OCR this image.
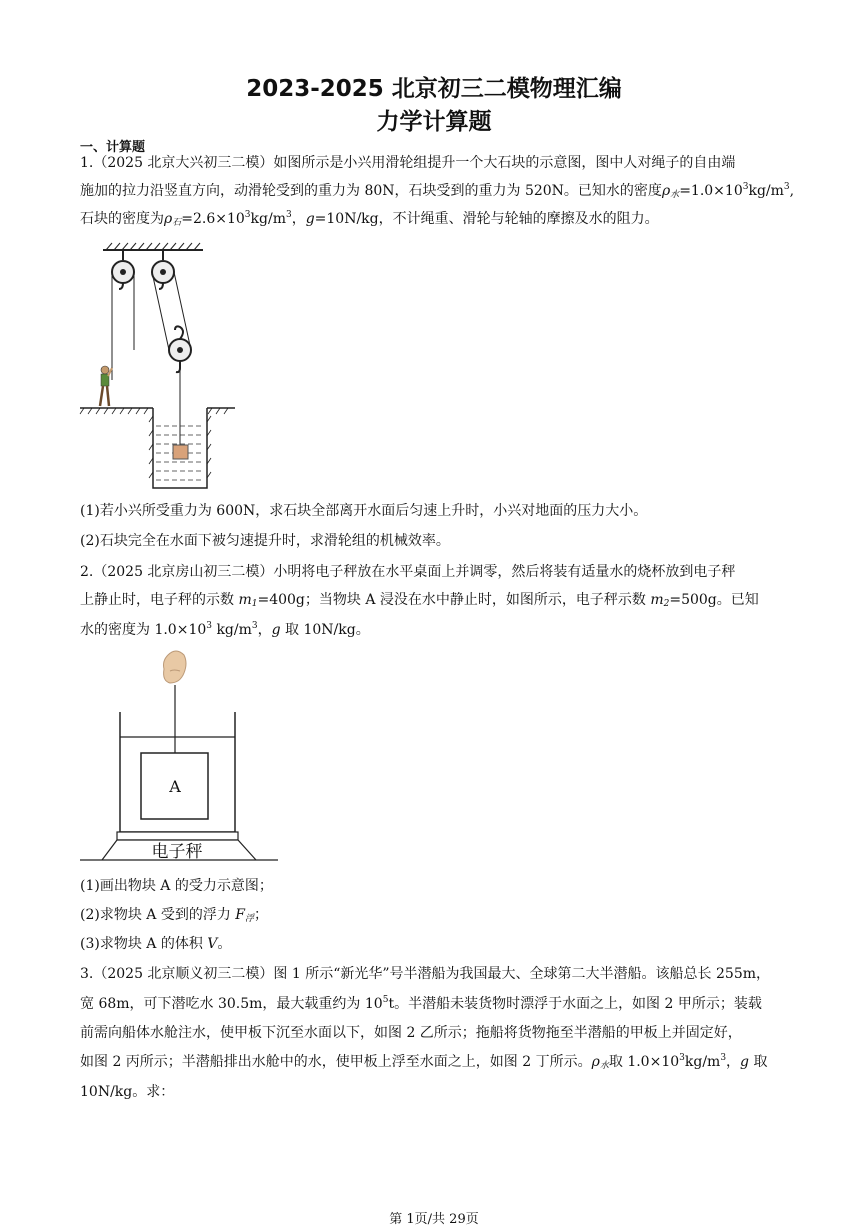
2023-2025 北京初三二模物理汇编
力学计算题
一、计算题
1.（2025 北京大兴初三二模）如图所示是小兴用滑轮组提升一个大石块的示意图，图中人对绳子的自由端
施加的拉力沿竖直方向，动滑轮受到的重力为 80N，石块受到的重力为 520N。已知水的密度$\rho_水=1.0\times 10^3kg/m^3$,
石块的密度为$\rho_石=2.6\times 10^3kg/m^3$，g=10N/kg，不计绳重、滑轮与轮轴的摩擦及水的阻力。
(1)若小兴所受重力为 600N，求石块全部离开水面后匀速上升时，小兴对地面的压力大小。
(2)石块完全在水面下被匀速提升时，求滑轮组的机械效率。
2.（2025 北京房山初三二模）小明将电子秤放在水平桌面上并调零，然后将装有适量水的烧杯放到电子秤
上静止时，电子秤的示数 $m_1=400g$；当物块 A 浸没在水中静止时，如图所示，电子秤示数 $m_2=500g$。已知
水的密度为 $1.0\times 10^3$ $kg/m^3$，g 取 10N/kg。
A
电子秤
(1)画出物块 A 的受力示意图；
(2)求物块 A 受到的浮力 $F_浮$；
(3)求物块 A 的体积 V。
3.（2025 北京顺义初三二模）图 1 所示“新光华”号半潜船为我国最大、全球第二大半潜船。该船总长 255m，
宽 68m，可下潜吃水 30.5m，最大载重约为 $10^5t$。半潜船未装货物时漂浮于水面之上，如图 2 甲所示；装载
前需向船体水舱注水，使甲板下沉至水面以下，如图 2 乙所示；拖船将货物拖至半潜船的甲板上并固定好，
如图 2 丙所示；半潜船排出水舱中的水，使甲板上浮至水面之上，如图 2 丁所示。$\rho_水$取 $1.0\times 10^3kg/m^3$，g 取
10N/kg。求：
第 1页/共 29页
